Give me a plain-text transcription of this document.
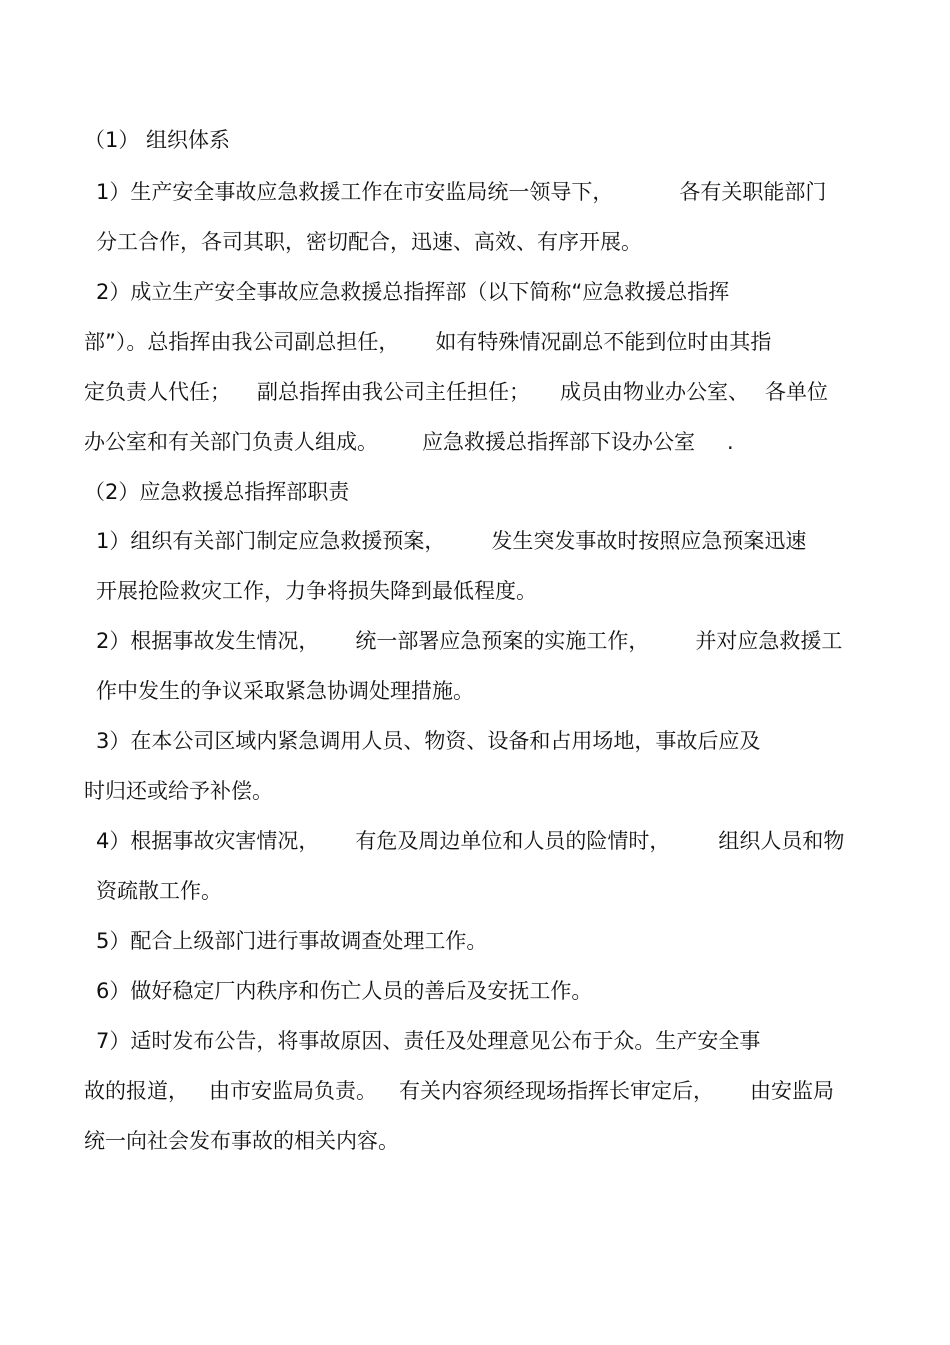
（1） 组织体系
1）生产安全事故应急救援工作在市安监局统一领导下，	各有关职能部门
分工合作，各司其职，密切配合，迅速、高效、有序开展。
2）成立生产安全事故应急救援总指挥部（以下简称“应急救援总指挥
部”）。总指挥由我公司副总担任， 如有特殊情况副总不能到位时由其指
定负责人代任； 副总指挥由我公司主任担任； 成员由物业办公室、 各单位
办公室和有关部门负责人组成。 应急救援总指挥部下设办公室 .
（2）应急救援总指挥部职责
1）组织有关部门制定应急救援预案， 发生突发事故时按照应急预案迅速
开展抢险救灾工作，力争将损失降到最低程度。
2）根据事故发生情况， 统一部署应急预案的实施工作， 并对应急救援工
作中发生的争议采取紧急协调处理措施。
3）在本公司区域内紧急调用人员、物资、设备和占用场地，事故后应及
时归还或给予补偿。
4）根据事故灾害情况， 有危及周边单位和人员的险情时， 组织人员和物
资疏散工作。
5）配合上级部门进行事故调查处理工作。
6）做好稳定厂内秩序和伤亡人员的善后及安抚工作。
7）适时发布公告，将事故原因、责任及处理意见公布于众。生产安全事
故的报道， 由市安监局负责。 有关内容须经现场指挥长审定后， 由安监局
统一向社会发布事故的相关内容。
